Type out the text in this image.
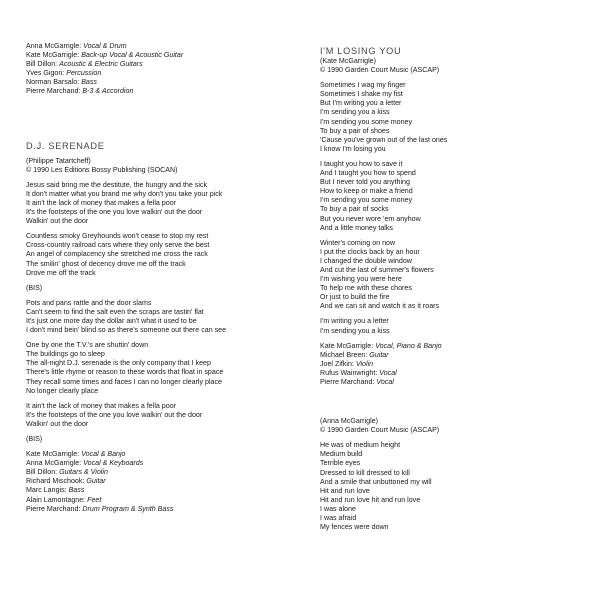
Anna McGarrigle: Vocal & Drum
Kate McGarrigle: Back-up Vocal & Acoustic Guitar
Bill Dillon: Acoustic & Electric Guitars
Yves Gigon: Percussion
Norman Barsalo: Bass
Pierre Marchand: B-3 & Accordion
D.J. SERENADE
(Philippe Tatartcheff)
© 1990 Les Editions Bossy Publishing (SOCAN)
Jesus said bring me the destitute, the hungry and the sick
It don't matter what you brand me why don't you take your pick
It ain't the lack of money that makes a fella poor
It's the footsteps of the one you love walkin' out the door
Walkin' out the door
Countless smoky Greyhounds won't cease to stop my rest
Cross-country railroad cars where they only serve the best
An angel of complacency she stretched me cross the rack
The smilin' ghost of decency drove me off the track
Drove me off the track
(BIS)
Pots and pans rattle and the door slams
Can't seem to find the salt even the scraps are tastin' flat
It's just one more day the dollar ain't what it used to be
I don't mind bein' blind so as there's someone out there can see
One by one the T.V.'s are shuttin' down
The buildings go to sleep
The all-night D.J. serenade is the only company that I keep
There's little rhyme or reason to these words that float in space
They recall some times and faces I can no longer clearly place
No longer clearly place
It ain't the lack of money that makes a fella poor
It's the footsteps of the one you love walkin' out the door
Walkin' out the door
(BIS)
Kate McGarrigle: Vocal & Banjo
Anna McGarrigle: Vocal & Keyboards
Bill Dillon: Guitars & Violin
Richard Mischook: Guitar
Marc Langis: Bass
Alain Lamontagne: Feet
Pierre Marchand: Drum Program & Synth Bass
I'M LOSING YOU
(Kate McGarrigle)
© 1990 Garden Court Music (ASCAP)
Sometimes I wag my finger
Sometimes I shake my fist
But I'm writing you a letter
I'm sending you a kiss
I'm sending you some money
To buy a pair of shoes
'Cause you've grown out of the last ones
I know I'm losing you
I taught you how to save it
And I taught you how to spend
But I never told you anything
How to keep or make a friend
I'm sending you some money
To buy a pair of socks
But you never wore 'em anyhow
And a little money talks
Winter's coming on now
I put the clocks back by an hour
I changed the double window
And cut the last of summer's flowers
I'm wishing you were here
To help me with these chores
Or just to build the fire
And we can sit and watch it as it roars
I'm writing you a letter
I'm sending you a kiss
Kate McGarrigle: Vocal, Piano & Banjo
Michael Breen: Guitar
Joel Zifkin: Violin
Rufus Wainwright: Vocal
Pierre Marchand: Vocal
(Anna McGarrigle)
© 1990 Garden Court Music (ASCAP)
He was of medium height
Medium build
Terrible eyes
Dressed to kill dressed to kill
And a smile that unbuttoned my will
Hit and run love
Hit and run love hit and run love
I was alone
I was afraid
My fences were down
